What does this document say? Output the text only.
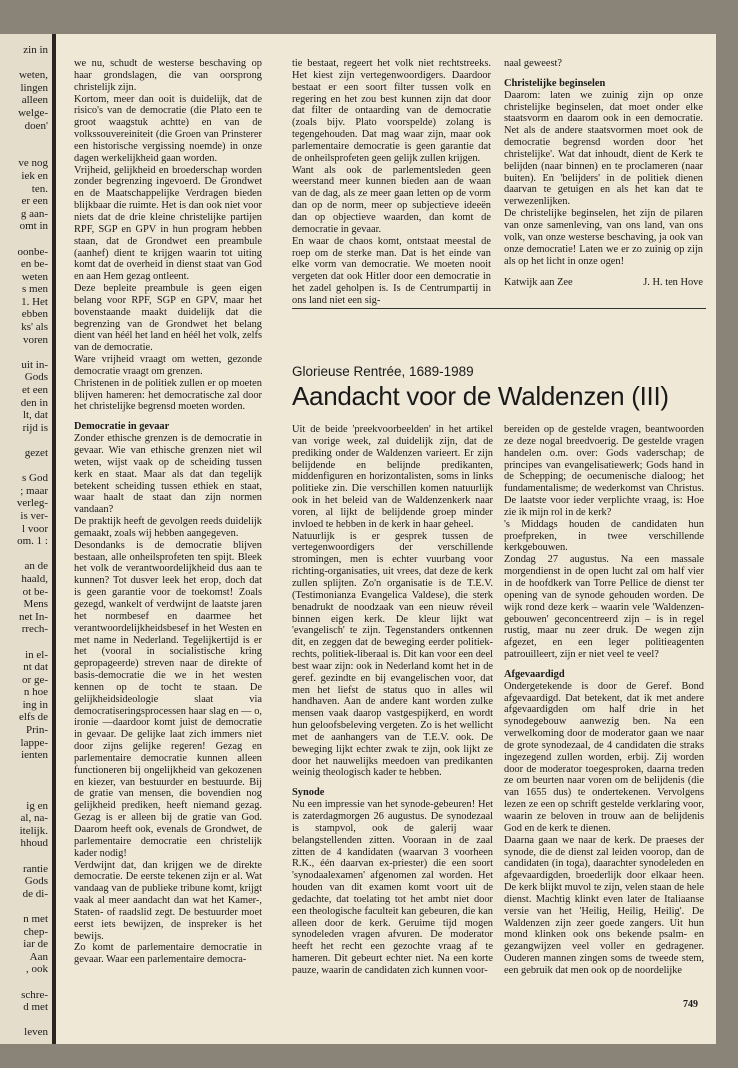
zin in

weten,
lingen
alleen
welge-
doen'

ve nog
iek en
ten.
er een
g aan-
omt in

oonbe-
en be-
weten
s men
1. Het
ebben
ks' als
voren

uit in-
Gods
et een
den in
lt, dat
rijd is

gezet

s God
; maar
verleg-
is ver-
l voor
om. 1 :

an de
haald,
ot be-
Mens
net In-
rrech-

in el-
nt dat
or ge-
n hoe
ing in
elfs de
Prin-
lappe-
ienten

ig en
al, na-
itelijk.
hhoud

rantie
Gods
de di-

n met
chep-
iar de
Aan
, ook

schre-
d met

leven

we nu, schudt de westerse beschaving op haar grondslagen, die van oorsprong christelijk zijn.

Kortom, meer dan ooit is duidelijk, dat de risico's van de democratie (die Plato een te groot waagstuk achtte) en van de volkssouvereiniteit (die Groen van Prinsterer een historische vergissing noemde) in onze dagen werkelijkheid gaan worden.

Vrijheid, gelijkheid en broederschap worden zonder begrenzing ingevoerd. De Grondwet en de Maatschappelijke Verdragen bieden blijkbaar die ruimte. Het is dan ook niet voor niets dat de drie kleine christelijke partijen RPF, SGP en GPV in hun program hebben staan, dat de Grondwet een preambule (aanhef) dient te krijgen waarin tot uiting komt dat de overheid in dienst staat van God en aan Hem gezag ontleent.

Deze bepleite preambule is geen eigen belang voor RPF, SGP en GPV, maar het bovenstaande maakt duidelijk dat die begrenzing van de Grondwet het belang dient van héél het land en héél het volk, zelfs van de democratie.

Ware vrijheid vraagt om wetten, gezonde democratie vraagt om grenzen.

Christenen in de politiek zullen er op moeten blijven hameren: het democratische zal door het christelijke begrensd moeten worden.

Democratie in gevaar

Zonder ethische grenzen is de democratie in gevaar. Wie van ethische grenzen niet wil weten, wijst vaak op de scheiding tussen kerk en staat. Maar als dat dan tegelijk betekent scheiding tussen ethiek en staat, waar haalt de staat dan zijn normen vandaan?

De praktijk heeft de gevolgen reeds duidelijk gemaakt, zoals wij hebben aangegeven.

Desondanks is de democratie blijven bestaan, alle onheilsprofeten ten spijt. Bleek het volk de verantwoordelijkheid dus aan te kunnen? Tot dusver leek het erop, doch dat is geen garantie voor de toekomst! Zoals gezegd, wankelt of verdwijnt de laatste jaren het normbesef en daarmee het verantwoordelijkheidsbesef in het Westen en met name in Nederland. Tegelijkertijd is er het (vooral in socialistische kring gepropageerde) streven naar de direkte of basis-democratie die we in het westen kennen op de tocht te staan. De gelijkheidsideologie slaat via democratiseringsprocessen haar slag en — o, ironie —daardoor komt juist de democratie in gevaar. De gelijke laat zich immers niet door zijns gelijke regeren! Gezag en parlementaire democratie kunnen alleen functioneren bij ongelijkheid van gekozenen en kiezer, van bestuurder en bestuurde. Bij de gratie van mensen, die bovendien nog gelijkheid prediken, heeft niemand gezag. Gezag is er alleen bij de gratie van God. Daarom heeft ook, evenals de Grondwet, de parlementaire democratie een christelijk kader nodig!

Verdwijnt dat, dan krijgen we de direkte democratie. De eerste tekenen zijn er al. Wat vandaag van de publieke tribune komt, krijgt vaak al meer aandacht dan wat het Kamer-, Staten- of raadslid zegt. De bestuurder moet eerst iets bewijzen, de inspreker is het bewijs.

Zo komt de parlementaire democratie in gevaar. Waar een parlementaire democra-

tie bestaat, regeert het volk niet rechtstreeks. Het kiest zijn vertegenwoordigers. Daardoor bestaat er een soort filter tussen volk en regering en het zou best kunnen zijn dat door dat filter de ontaarding van de democratie (zoals bijv. Plato voorspelde) zolang is tegengehouden. Dat mag waar zijn, maar ook parlementaire democratie is geen garantie dat de onheilsprofeten geen gelijk zullen krijgen.

Want als ook de parlementsleden geen weerstand meer kunnen bieden aan de waan van de dag, als ze meer gaan letten op de vorm dan op de norm, meer op subjectieve ideeën dan op objectieve waarden, dan komt de democratie in gevaar.

En waar de chaos komt, ontstaat meestal de roep om de sterke man. Dat is het einde van elke vorm van democratie. We moeten nooit vergeten dat ook Hitler door een democratie in het zadel geholpen is. Is de Centrumpartij in ons land niet een sig-

naal geweest?

Christelijke beginselen

Daarom: laten we zuinig zijn op onze christelijke beginselen, dat moet onder elke staatsvorm en daarom ook in een democratie. Net als de andere staatsvormen moet ook de democratie begrensd worden door 'het christelijke'. Wat dat inhoudt, dient de Kerk te belijden (naar binnen) en te proclameren (naar buiten). En 'belijders' in de politiek dienen daarvan te getuigen en als het kan dat te verwezenlijken.

De christelijke beginselen, het zijn de pilaren van onze samenleving, van ons land, van ons volk, van onze westerse beschaving, ja ook van onze democratie! Laten we er zo zuinig op zijn als op het licht in onze ogen!

Katwijk aan Zee	J. H. ten Hove
Glorieuse Rentrée, 1689-1989
Aandacht voor de Waldenzen (III)

Uit de beide 'preekvoorbeelden' in het artikel van vorige week, zal duidelijk zijn, dat de prediking onder de Waldenzen varieert. Er zijn belijdende en belijnde predikanten, middenfiguren en horizontalisten, soms in links politieke zin. Die verschillen komen natuurlijk ook in het beleid van de Waldenzenkerk naar voren, al lijkt de belijdende groep minder invloed te hebben in de kerk in haar geheel.

Natuurlijk is er gesprek tussen de vertegenwoordigers der verschillende stromingen, men is echter vuurbang voor richting-organisaties, uit vrees, dat deze de kerk zullen splijten. Zo'n organisatie is de T.E.V. (Testimonianza Evangelica Valdese), die sterk benadrukt de noodzaak van een nieuw réveil binnen eigen kerk. De kleur lijkt wat 'evangelisch' te zijn. Tegenstanders ontkennen dit, en zeggen dat de beweging eerder politiek-rechts, politiek-liberaal is. Dit kan voor een deel best waar zijn: ook in Nederland komt het in de geref. gezindte en bij evangelischen voor, dat men het liefst de status quo in alles wil handhaven. Aan de andere kant worden zulke mensen vaak daarop vastgespijkerd, en wordt hun geloofsbeleving vergeten. Zo is het wellicht met de aanhangers van de T.E.V. ook. De beweging lijkt echter zwak te zijn, ook lijkt ze door het nauwelijks meedoen van predikanten weinig theologisch kader te hebben.

Synode

Nu een impressie van het synode-gebeuren! Het is zaterdagmorgen 26 augustus. De synodezaal is stampvol, ook de galerij waar belangstellenden zitten. Vooraan in de zaal zitten de 4 kandidaten (waarvan 3 voorheen R.K., één daarvan ex-priester) die een soort 'synodaalexamen' afgenomen zal worden. Het houden van dit examen komt voort uit de gedachte, dat toelating tot het ambt niet door een theologische faculteit kan gebeuren, die kan alleen door de kerk. Geruime tijd mogen synodeleden vragen afvuren. De moderator heeft het recht een gezochte vraag af te hameren. Dit gebeurt echter niet. Na een korte pauze, waarin de candidaten zich kunnen voor-

bereiden op de gestelde vragen, beantwoorden ze deze nogal breedvoerig. De gestelde vragen handelen o.m. over: Gods vaderschap; de principes van evangelisatiewerk; Gods hand in de Schepping; de oecumenische dialoog; het fundamentalisme; de wederkomst van Christus. De laatste voor ieder verplichte vraag, is: Hoe zie ik mijn rol in de kerk?

's Middags houden de candidaten hun proefpreken, in twee verschillende kerkgebouwen.

Zondag 27 augustus. Na een massale morgendienst in de open lucht zal om half vier in de hoofdkerk van Torre Pellice de dienst ter opening van de synode gehouden worden. De wijk rond deze kerk – waarin vele 'Waldenzen-gebouwen' geconcentreerd zijn – is in regel rustig, maar nu zeer druk. De wegen zijn afgezet, en een leger politieagenten patrouilleert, zijn er niet veel te veel?

Afgevaardigd

Ondergetekende is door de Geref. Bond afgevaardigd. Dat betekent, dat ik met andere afgevaardigden om half drie in het synodegebouw aanwezig ben. Na een verwelkoming door de moderator gaan we naar de grote synodezaal, de 4 candidaten die straks ingezegend zullen worden, erbij. Zij worden door de moderator toegesproken, daarna treden ze om beurten naar voren om de belijdenis (die van 1655 dus) te ondertekenen. Vervolgens lezen ze een op schrift gestelde verklaring voor, waarin ze beloven in trouw aan de belijdenis God en de kerk te dienen.

Daarna gaan we naar de kerk. De praeses der synode, die de dienst zal leiden voorop, dan de candidaten (in toga), daarachter synodeleden en afgevaardigden, broederlijk door elkaar heen. De kerk blijkt muvol te zijn, velen staan de hele dienst. Machtig klinkt even later de Italiaanse versie van het 'Heilig, Heilig, Heilig'. De Waldenzen zijn zeer goede zangers. Uit hun mond klinken ook ons bekende psalm- en gezangwijzen veel voller en gedragener. Ouderen mannen zingen soms de tweede stem, een gebruik dat men ook op de noordelijke

749
